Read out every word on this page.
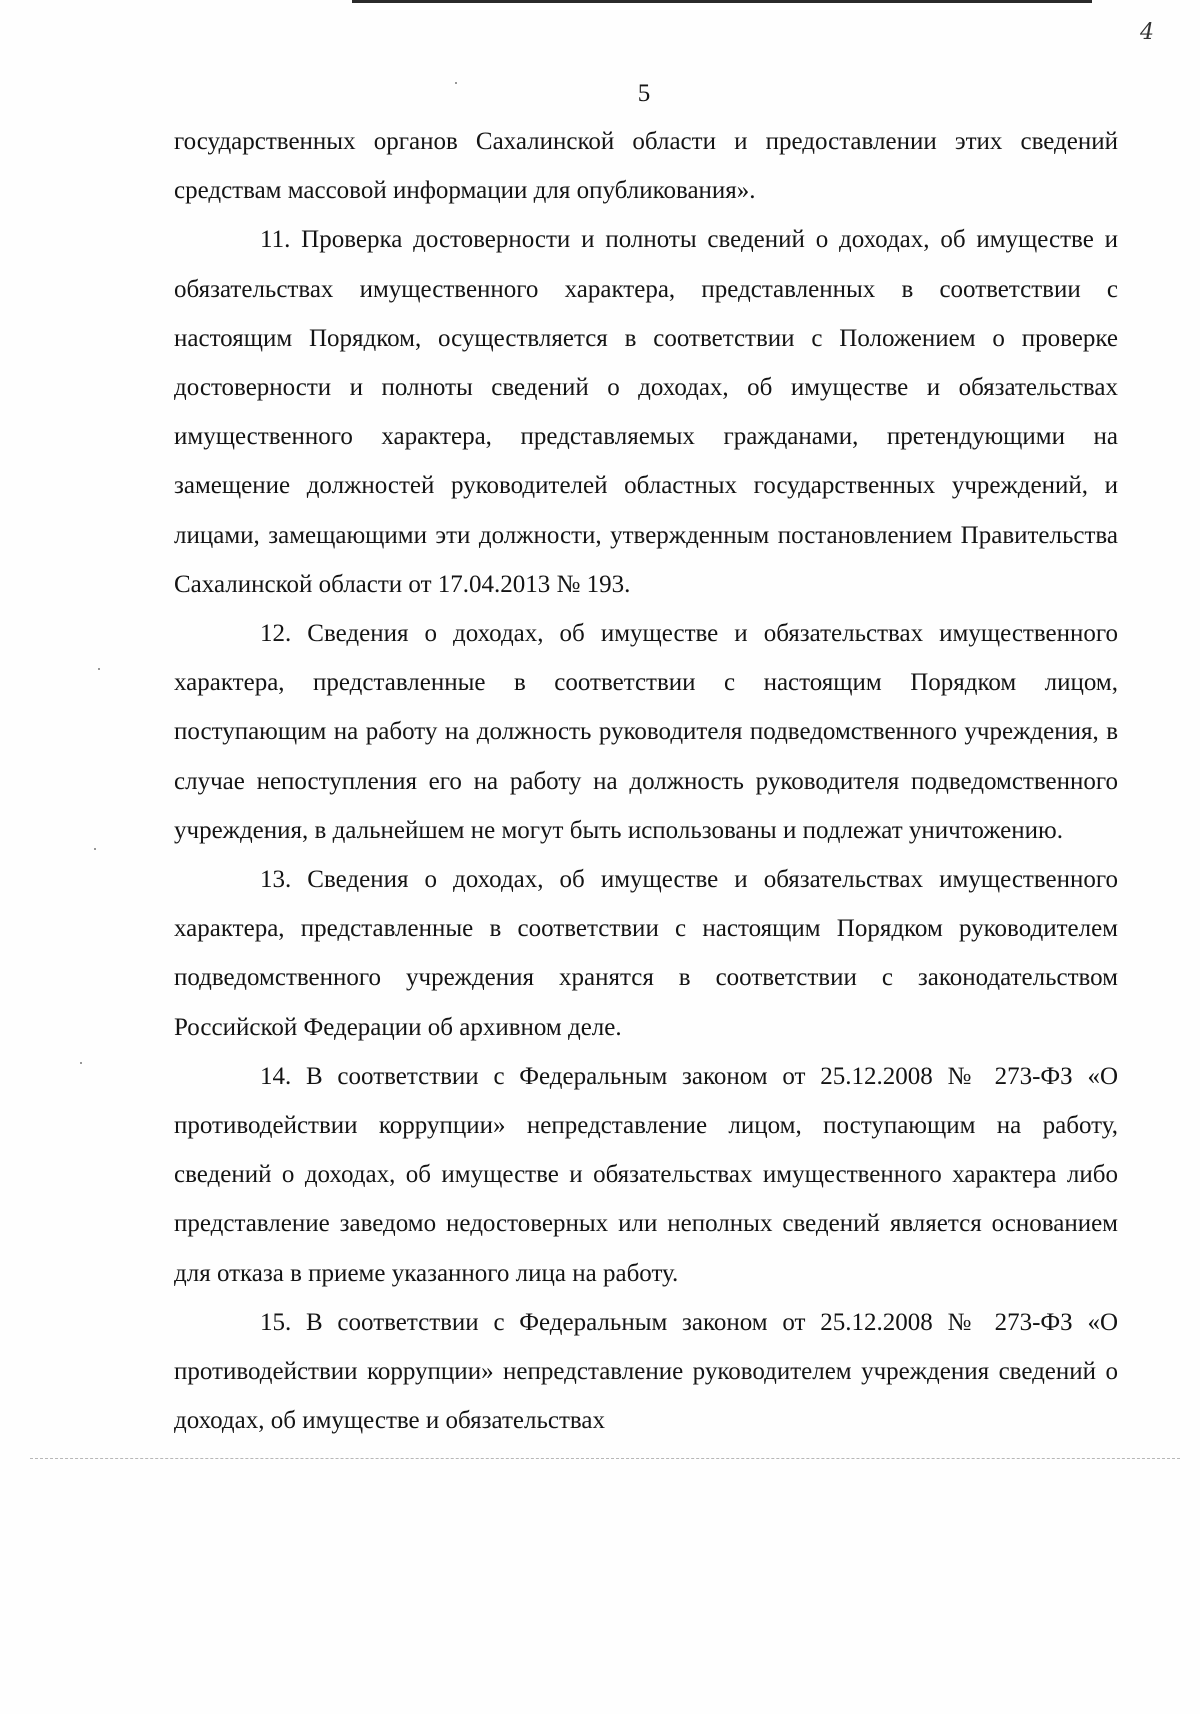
4
5

государственных органов Сахалинской области и предоставлении этих сведений средствам массовой информации для опубликования».

11. Проверка достоверности и полноты сведений о доходах, об имуществе и обязательствах имущественного характера, представленных в соответствии с настоящим Порядком, осуществляется в соответствии с Положением о проверке достоверности и полноты сведений о доходах, об имуществе и обязательствах имущественного характера, представляемых гражданами, претендующими на замещение должностей руководителей областных государственных учреждений, и лицами, замещающими эти должности, утвержденным постановлением Правительства Сахалинской области от 17.04.2013 № 193.

12. Сведения о доходах, об имуществе и обязательствах имущественного характера, представленные в соответствии с настоящим Порядком лицом, поступающим на работу на должность руководителя подведомственного учреждения, в случае непоступления его на работу на должность руководителя подведомственного учреждения, в дальнейшем не могут быть использованы и подлежат уничтожению.

13. Сведения о доходах, об имуществе и обязательствах имущественного характера, представленные в соответствии с настоящим Порядком руководителем подведомственного учреждения хранятся в соответствии с законодательством Российской Федерации об архивном деле.

14. В соответствии с Федеральным законом от 25.12.2008 № 273-ФЗ «О противодействии коррупции» непредставление лицом, поступающим на работу, сведений о доходах, об имуществе и обязательствах имущественного характера либо представление заведомо недостоверных или неполных сведений является основанием для отказа в приеме указанного лица на работу.

15. В соответствии с Федеральным законом от 25.12.2008 № 273-ФЗ «О противодействии коррупции» непредставление руководителем учреждения сведений о доходах, об имуществе и обязательствах
